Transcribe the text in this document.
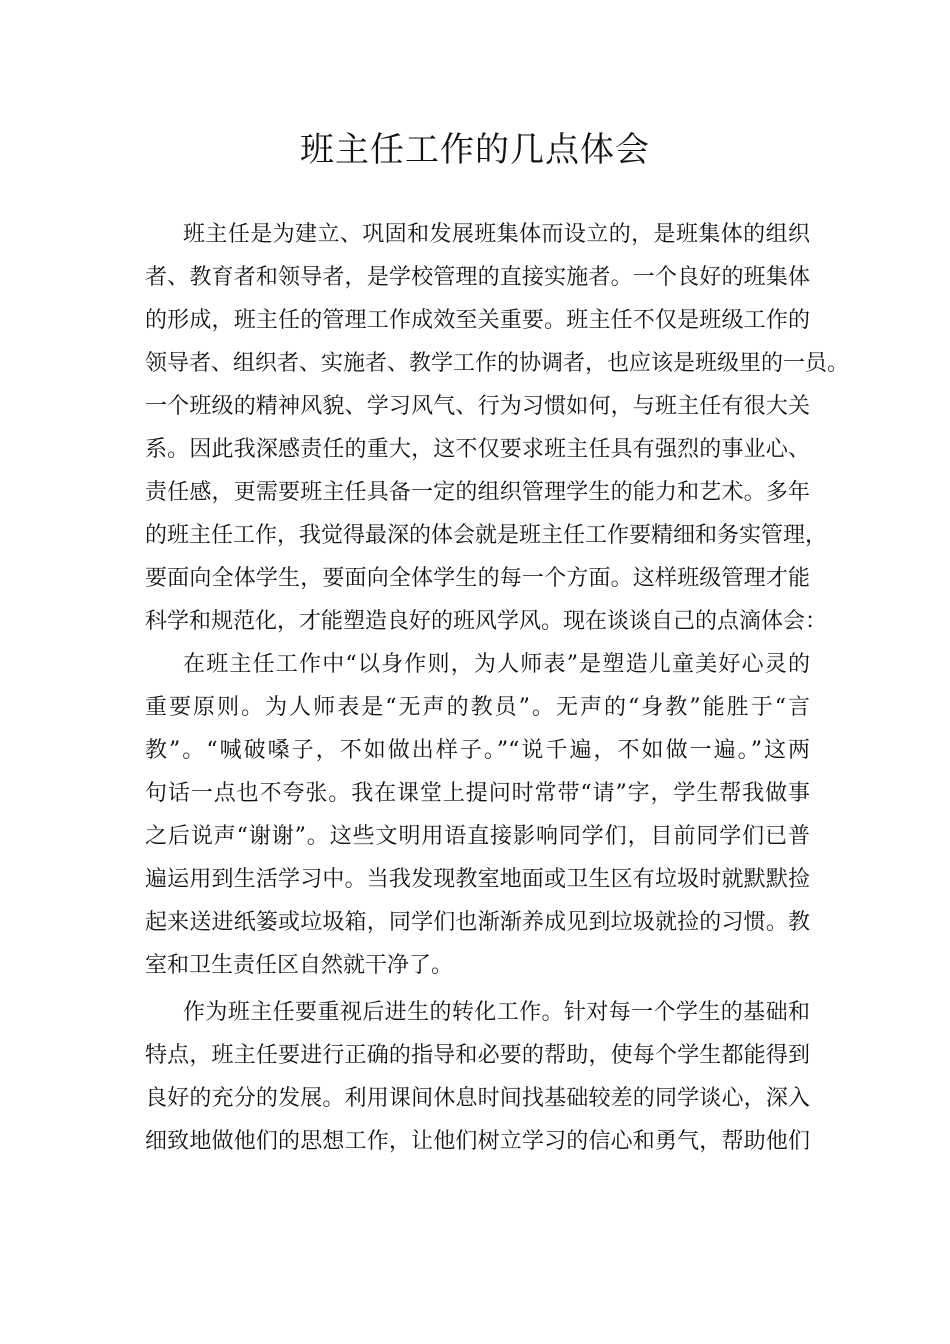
班主任工作的几点体会
班主任是为建立、巩固和发展班集体而设立的，是班集体的组织
者、教育者和领导者，是学校管理的直接实施者。一个良好的班集体
的形成，班主任的管理工作成效至关重要。班主任不仅是班级工作的
领导者、组织者、实施者、教学工作的协调者，也应该是班级里的一员。
一个班级的精神风貌、学习风气、行为习惯如何，与班主任有很大关
系。因此我深感责任的重大，这不仅要求班主任具有强烈的事业心、
责任感，更需要班主任具备一定的组织管理学生的能力和艺术。多年
的班主任工作，我觉得最深的体会就是班主任工作要精细和务实管理，
要面向全体学生，要面向全体学生的每一个方面。这样班级管理才能
科学和规范化，才能塑造良好的班风学风。现在谈谈自己的点滴体会：
在班主任工作中“以身作则，为人师表”是塑造儿童美好心灵的
重要原则。为人师表是“无声的教员”。无声的“身教”能胜于“言
教”。“喊破嗓子，不如做出样子。”“说千遍，不如做一遍。”这两
句话一点也不夸张。我在课堂上提问时常带“请”字，学生帮我做事
之后说声“谢谢”。这些文明用语直接影响同学们，目前同学们已普
遍运用到生活学习中。当我发现教室地面或卫生区有垃圾时就默默捡
起来送进纸篓或垃圾箱，同学们也渐渐养成见到垃圾就捡的习惯。教
室和卫生责任区自然就干净了。
作为班主任要重视后进生的转化工作。针对每一个学生的基础和
特点，班主任要进行正确的指导和必要的帮助，使每个学生都能得到
良好的充分的发展。利用课间休息时间找基础较差的同学谈心，深入
细致地做他们的思想工作，让他们树立学习的信心和勇气，帮助他们
